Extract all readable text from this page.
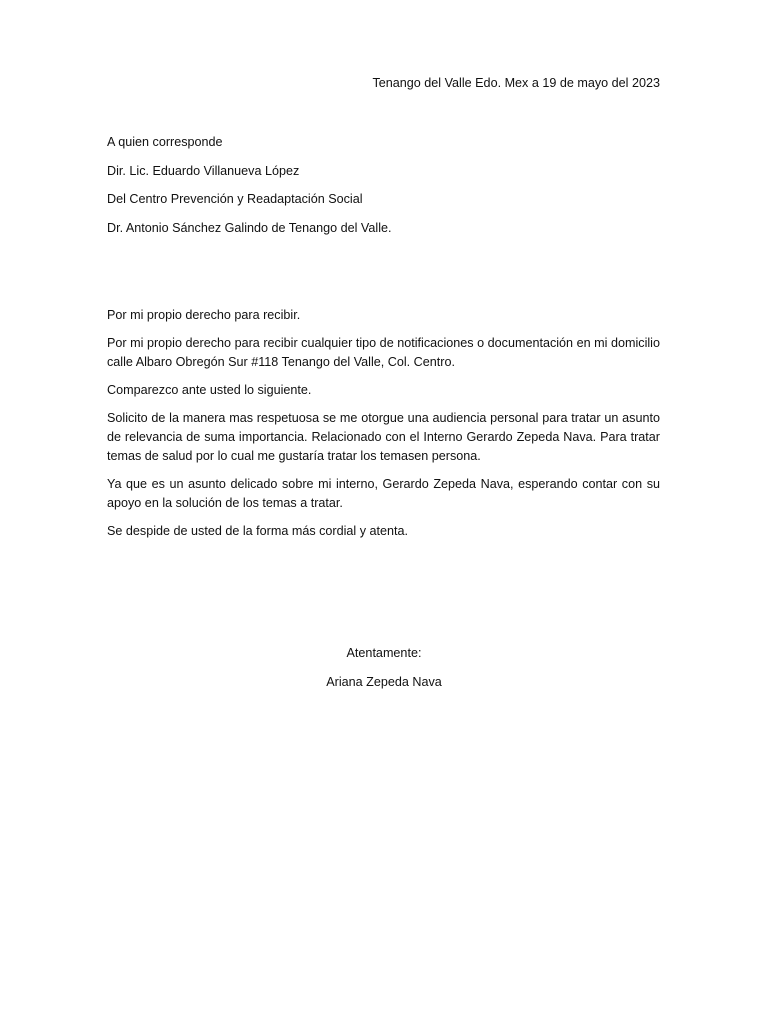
Tenango del Valle Edo. Mex a 19 de mayo del 2023

A quien corresponde

Dir. Lic. Eduardo Villanueva López

Del Centro Prevención y Readaptación Social

Dr. Antonio Sánchez Galindo de Tenango del Valle.

Por mi propio derecho para recibir.

Por mi propio derecho para recibir cualquier tipo de notificaciones o documentación en mi domicilio calle Albaro Obregón Sur #118 Tenango del Valle, Col. Centro.

Comparezco ante usted lo siguiente.

Solicito de la manera mas respetuosa se me otorgue una audiencia personal para tratar un asunto de relevancia de suma importancia. Relacionado con el Interno Gerardo Zepeda Nava. Para tratar temas de salud por lo cual me gustaría tratar los temasen persona.

Ya que es un asunto delicado sobre mi interno, Gerardo Zepeda Nava, esperando contar con su apoyo en la solución de los temas a tratar.

Se despide de usted de la forma más cordial y atenta.

Atentamente:
Ariana Zepeda Nava
